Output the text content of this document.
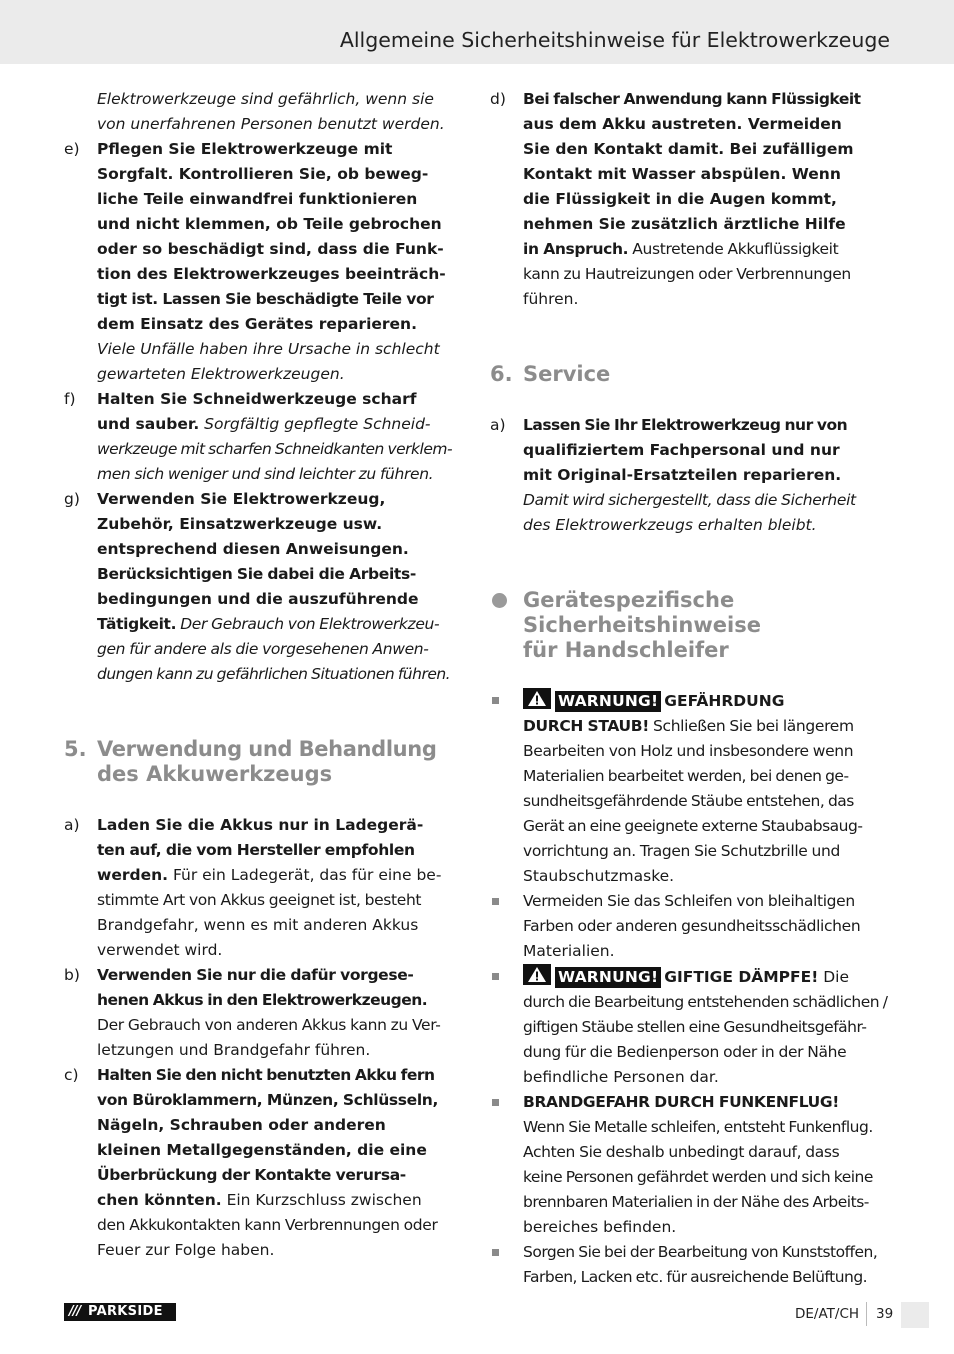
Allgemeine Sicherheitshinweise für Elektrowerkzeuge
Elektrowerkzeuge sind gefährlich, wenn sie
von unerfahrenen Personen benutzt werden.
e) Pflegen Sie Elektrowerkzeuge mit
Sorgfalt. Kontrollieren Sie, ob beweg-
liche Teile einwandfrei funktionieren
und nicht klemmen, ob Teile gebrochen
oder so beschädigt sind, dass die Funk-
tion des Elektrowerkzeuges beeinträch-
tigt ist. Lassen Sie beschädigte Teile vor
dem Einsatz des Gerätes reparieren.
Viele Unfälle haben ihre Ursache in schlecht
gewarteten Elektrowerkzeugen.
f) Halten Sie Schneidwerkzeuge scharf
und sauber. Sorgfältig gepflegte Schneid-
werkzeuge mit scharfen Schneidkanten verklem-
men sich weniger und sind leichter zu führen.
g) Verwenden Sie Elektrowerkzeug,
Zubehör, Einsatzwerkzeuge usw.
entsprechend diesen Anweisungen.
Berücksichtigen Sie dabei die Arbeits-
bedingungen und die auszuführende
Tätigkeit. Der Gebrauch von Elektrowerkzeu-
gen für andere als die vorgesehenen Anwen-
dungen kann zu gefährlichen Situationen führen.
5. Verwendung und Behandlung
des Akkuwerkzeugs
a) Laden Sie die Akkus nur in Ladegerä-
ten auf, die vom Hersteller empfohlen
werden. Für ein Ladegerät, das für eine be-
stimmte Art von Akkus geeignet ist, besteht
Brandgefahr, wenn es mit anderen Akkus
verwendet wird.
b) Verwenden Sie nur die dafür vorgese-
henen Akkus in den Elektrowerkzeugen.
Der Gebrauch von anderen Akkus kann zu Ver-
letzungen und Brandgefahr führen.
c) Halten Sie den nicht benutzten Akku fern
von Büroklammern, Münzen, Schlüsseln,
Nägeln, Schrauben oder anderen
kleinen Metallgegenständen, die eine
Überbrückung der Kontakte verursa-
chen könnten. Ein Kurzschluss zwischen
den Akkukontakten kann Verbrennungen oder
Feuer zur Folge haben.
d) Bei falscher Anwendung kann Flüssigkeit
aus dem Akku austreten. Vermeiden
Sie den Kontakt damit. Bei zufälligem
Kontakt mit Wasser abspülen. Wenn
die Flüssigkeit in die Augen kommt,
nehmen Sie zusätzlich ärztliche Hilfe
in Anspruch. Austretende Akkuflüssigkeit
kann zu Hautreizungen oder Verbrennungen
führen.
6. Service
a) Lassen Sie Ihr Elektrowerkzeug nur von
qualifiziertem Fachpersonal und nur
mit Original-Ersatzteilen reparieren.
Damit wird sichergestellt, dass die Sicherheit
des Elektrowerkzeugs erhalten bleibt.
Gerätespezifische
Sicherheitshinweise
für Handschleifer
WARNUNG! GEFÄHRDUNG
DURCH STAUB! Schließen Sie bei längerem
Bearbeiten von Holz und insbesondere wenn
Materialien bearbeitet werden, bei denen ge-
sundheitsgefährdende Stäube entstehen, das
Gerät an eine geeignete externe Staubabsaug-
vorrichtung an. Tragen Sie Schutzbrille und
Staubschutzmaske.
Vermeiden Sie das Schleifen von bleihaltigen
Farben oder anderen gesundheitsschädlichen
Materialien.
WARNUNG! GIFTIGE DÄMPFE! Die
durch die Bearbeitung entstehenden schädlichen /
giftigen Stäube stellen eine Gesundheitsgefähr-
dung für die Bedienperson oder in der Nähe
befindliche Personen dar.
BRANDGEFAHR DURCH FUNKENFLUG!
Wenn Sie Metalle schleifen, entsteht Funkenflug.
Achten Sie deshalb unbedingt darauf, dass
keine Personen gefährdet werden und sich keine
brennbaren Materialien in der Nähe des Arbeits-
bereiches befinden.
Sorgen Sie bei der Bearbeitung von Kunststoffen,
Farben, Lacken etc. für ausreichende Belüftung.
/// PARKSIDE	DE/AT/CH 39
